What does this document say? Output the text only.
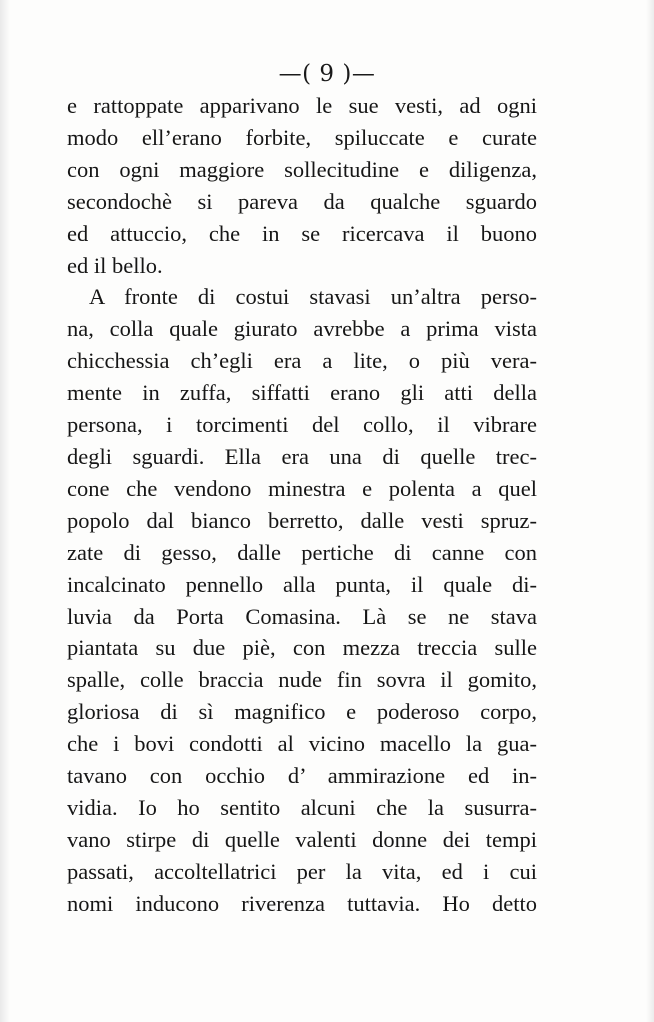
—( 9 )—
e rattoppate apparivano le sue vesti, ad ogni
modo ell’erano forbite, spiluccate e curate
con ogni maggiore sollecitudine e diligenza,
secondochè si pareva da qualche sguardo
ed attuccio, che in se ricercava il buono
ed il bello.
A fronte di costui stavasi un’altra perso-
na, colla quale giurato avrebbe a prima vista
chicchessia ch’egli era a lite, o più vera-
mente in zuffa, siffatti erano gli atti della
persona, i torcimenti del collo, il vibrare
degli sguardi. Ella era una di quelle trec-
cone che vendono minestra e polenta a quel
popolo dal bianco berretto, dalle vesti spruz-
zate di gesso, dalle pertiche di canne con
incalcinato pennello alla punta, il quale di-
luvia da Porta Comasina. Là se ne stava
piantata su due piè, con mezza treccia sulle
spalle, colle braccia nude fin sovra il gomito,
gloriosa di sì magnifico e poderoso corpo,
che i bovi condotti al vicino macello la gua-
tavano con occhio d’ ammirazione ed in-
vidia. Io ho sentito alcuni che la susurra-
vano stirpe di quelle valenti donne dei tempi
passati, accoltellatrici per la vita, ed i cui
nomi inducono riverenza tuttavia. Ho detto
